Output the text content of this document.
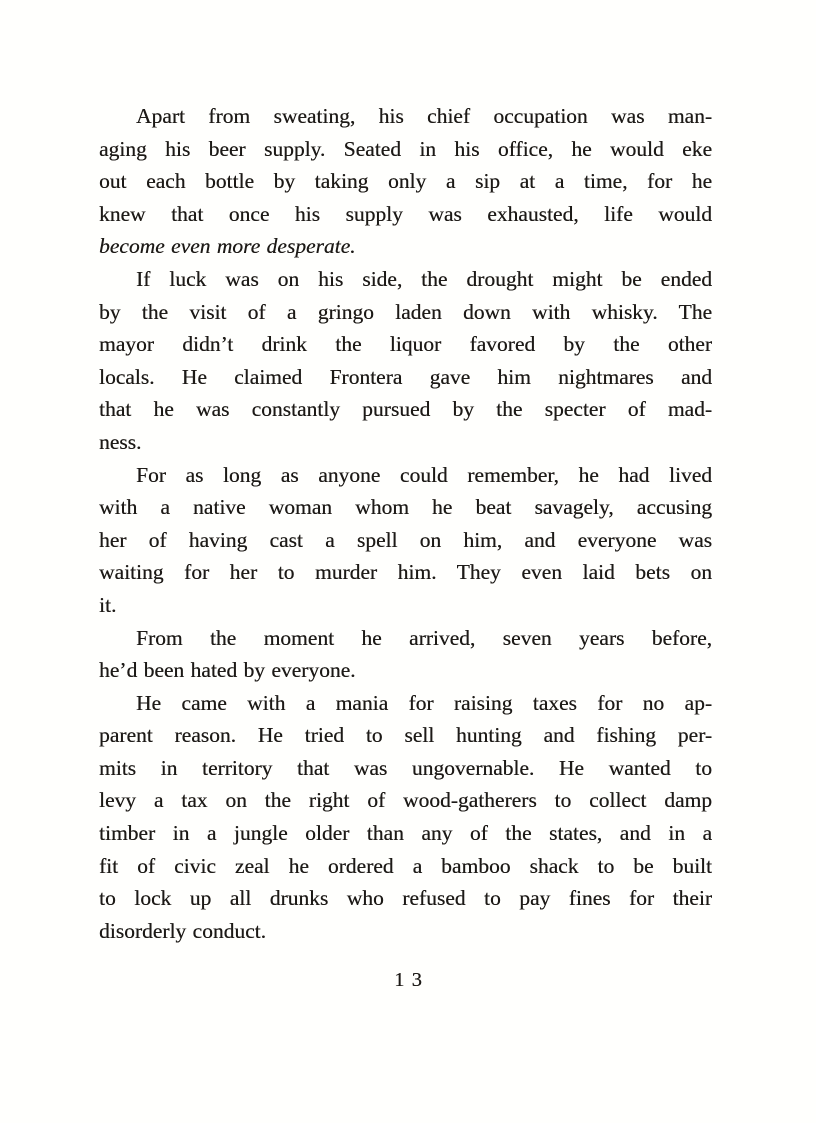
Apart from sweating, his chief occupation was man-
aging his beer supply. Seated in his office, he would eke
out each bottle by taking only a sip at a time, for he
knew that once his supply was exhausted, life would
become even more desperate.
If luck was on his side, the drought might be ended
by the visit of a gringo laden down with whisky. The
mayor didn’t drink the liquor favored by the other
locals. He claimed Frontera gave him nightmares and
that he was constantly pursued by the specter of mad-
ness.
For as long as anyone could remember, he had lived
with a native woman whom he beat savagely, accusing
her of having cast a spell on him, and everyone was
waiting for her to murder him. They even laid bets on
it.
From the moment he arrived, seven years before,
he’d been hated by everyone.
He came with a mania for raising taxes for no ap-
parent reason. He tried to sell hunting and fishing per-
mits in territory that was ungovernable. He wanted to
levy a tax on the right of wood-gatherers to collect damp
timber in a jungle older than any of the states, and in a
fit of civic zeal he ordered a bamboo shack to be built
to lock up all drunks who refused to pay fines for their
disorderly conduct.
13
